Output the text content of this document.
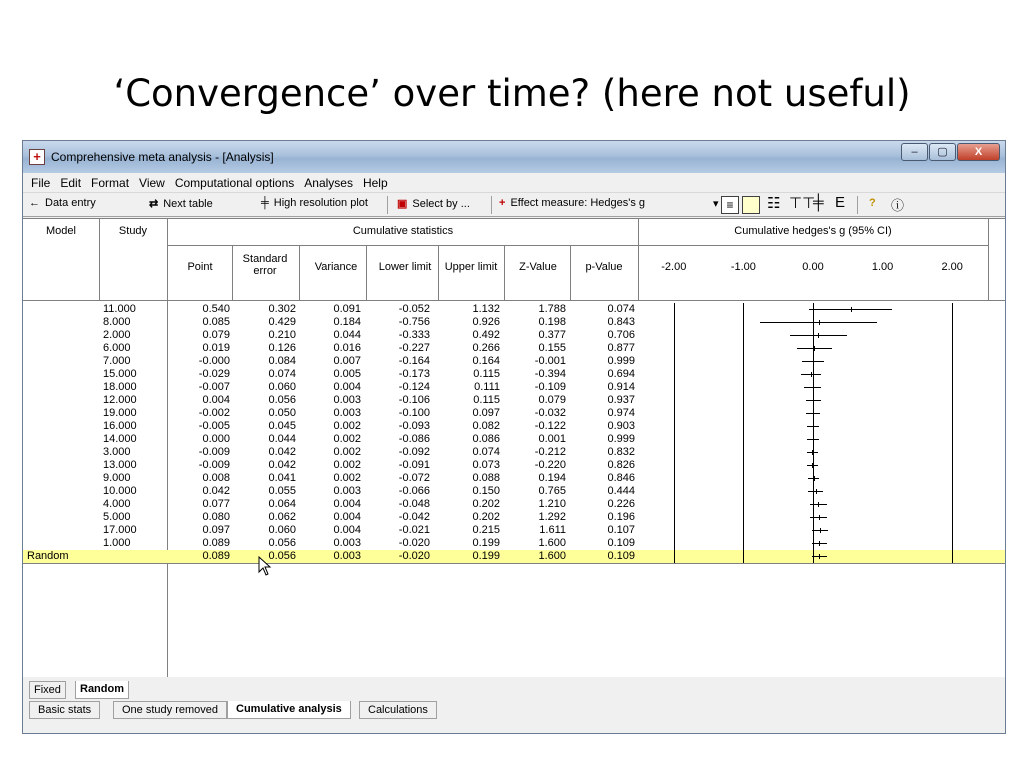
‘Convergence’ over time? (here not useful)
+ Comprehensive meta analysis - [Analysis]	–	▢	X
File Edit Format View Computational options Analyses Help
← Data entry	⇄ Next table	╪ High resolution plot	▣ Select by ...	+ Effect measure: Hedges's g	▾ ≡	☷ ⊤⊤
╪ Ε ? ⓘ
Model	Study	Cumulative statistics	Cumulative hedges's g (95% CI)
Point
Standard
error	Variance	Lower limit	Upper limit	Z-Value	p-Value	-2.00	-1.00	0.00	1.00	2.00
11.000	0.540	0.302	0.091	-0.052	1.132	1.788	0.074
8.000	0.085	0.429	0.184	-0.756	0.926	0.198	0.843
2.000	0.079	0.210	0.044	-0.333	0.492	0.377	0.706
6.000	0.019	0.126	0.016	-0.227	0.266	0.155	0.877
7.000	-0.000	0.084	0.007	-0.164	0.164	-0.001	0.999
15.000	-0.029	0.074	0.005	-0.173	0.115	-0.394	0.694
18.000	-0.007	0.060	0.004	-0.124	0.111	-0.109	0.914
12.000	0.004	0.056	0.003	-0.106	0.115	0.079	0.937
19.000	-0.002	0.050	0.003	-0.100	0.097	-0.032	0.974
16.000	-0.005	0.045	0.002	-0.093	0.082	-0.122	0.903
14.000	0.000	0.044	0.002	-0.086	0.086	0.001	0.999
3.000	-0.009	0.042	0.002	-0.092	0.074	-0.212	0.832
13.000	-0.009	0.042	0.002	-0.091	0.073	-0.220	0.826
9.000	0.008	0.041	0.002	-0.072	0.088	0.194	0.846
10.000	0.042	0.055	0.003	-0.066	0.150	0.765	0.444
4.000	0.077	0.064	0.004	-0.048	0.202	1.210	0.226
5.000	0.080	0.062	0.004	-0.042	0.202	1.292	0.196
17.000	0.097	0.060	0.004	-0.021	0.215	1.611	0.107
1.000	0.089	0.056	0.003	-0.020	0.199	1.600	0.109
Random	0.089	0.056	0.003	-0.020	0.199	1.600	0.109
Fixed	Random
Basic stats	One study removed	Cumulative analysis	Calculations
